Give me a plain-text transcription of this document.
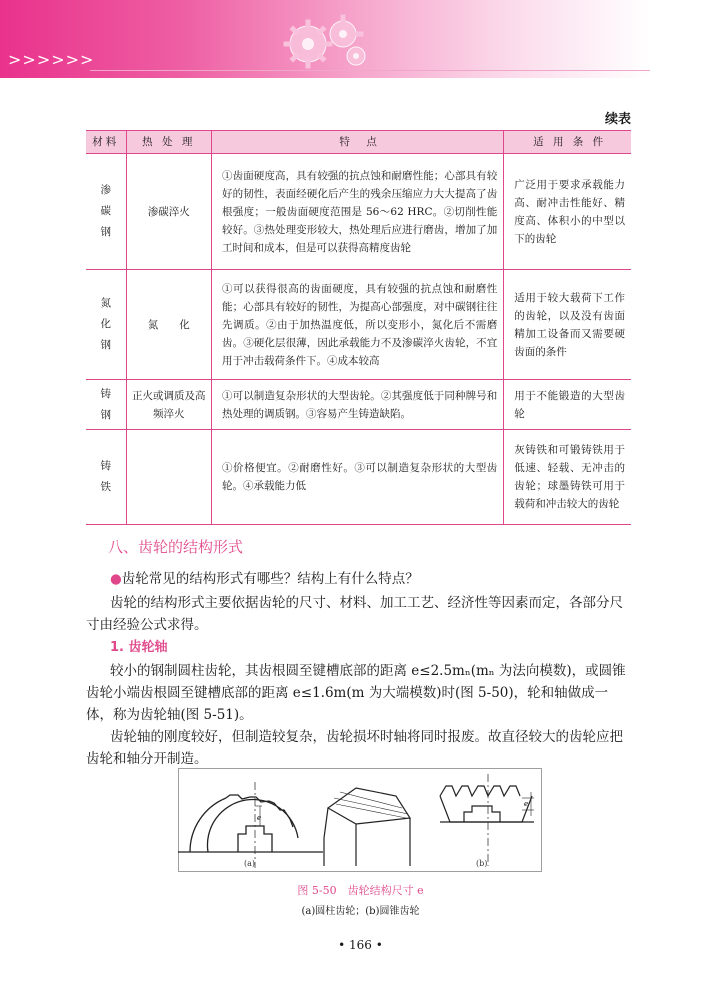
>>>>>>
续表
材料	热 处 理	特　点	适 用 条 件

渗
碳
钢	渗碳淬火	①齿面硬度高，具有较强的抗点蚀和耐磨性能；心部具有较好的韧性，表面经硬化后产生的残余压缩应力大大提高了齿根强度；一般齿面硬度范围是 56～62 HRC。②切削性能较好。③热处理变形较大，热处理后应进行磨齿，增加了加工时间和成本，但是可以获得高精度齿轮	广泛用于要求承载能力高、耐冲击性能好、精度高、体积小的中型以下的齿轮

氮
化
钢	氮　　化	①可以获得很高的齿面硬度，具有较强的抗点蚀和耐磨性能；心部具有较好的韧性，为提高心部强度，对中碳钢往往先调质。②由于加热温度低，所以变形小，氮化后不需磨齿。③硬化层很薄，因此承载能力不及渗碳淬火齿轮，不宜用于冲击载荷条件下。④成本较高	适用于较大载荷下工作的齿轮，以及没有齿面精加工设备而又需要硬齿面的条件

铸
钢	正火或调质及高频淬火	①可以制造复杂形状的大型齿轮。②其强度低于同种牌号和热处理的调质钢。③容易产生铸造缺陷。	用于不能锻造的大型齿轮

铸
铁		①价格便宜。②耐磨性好。③可以制造复杂形状的大型齿轮。④承载能力低	灰铸铁和可锻铸铁用于低速、轻载、无冲击的齿轮；球墨铸铁可用于载荷和冲击较大的齿轮
八、齿轮的结构形式
●齿轮常见的结构形式有哪些？结构上有什么特点？
齿轮的结构形式主要依据齿轮的尺寸、材料、加工工艺、经济性等因素而定，各部分尺寸由经验公式求得。
1. 齿轮轴
较小的钢制圆柱齿轮，其齿根圆至键槽底部的距离 e≤2.5mₙ(mₙ 为法向模数)，或圆锥齿轮小端齿根圆至键槽底部的距离 e≤1.6m(m 为大端模数)时(图 5-50)，轮和轴做成一体，称为齿轮轴(图 5-51)。
齿轮轴的刚度较好，但制造较复杂，齿轮损坏时轴将同时报废。故直径较大的齿轮应把齿轮和轴分开制造。
e
e
(a)	(b)
图 5-50　齿轮结构尺寸 e
(a)圆柱齿轮；(b)圆锥齿轮
• 166 •
